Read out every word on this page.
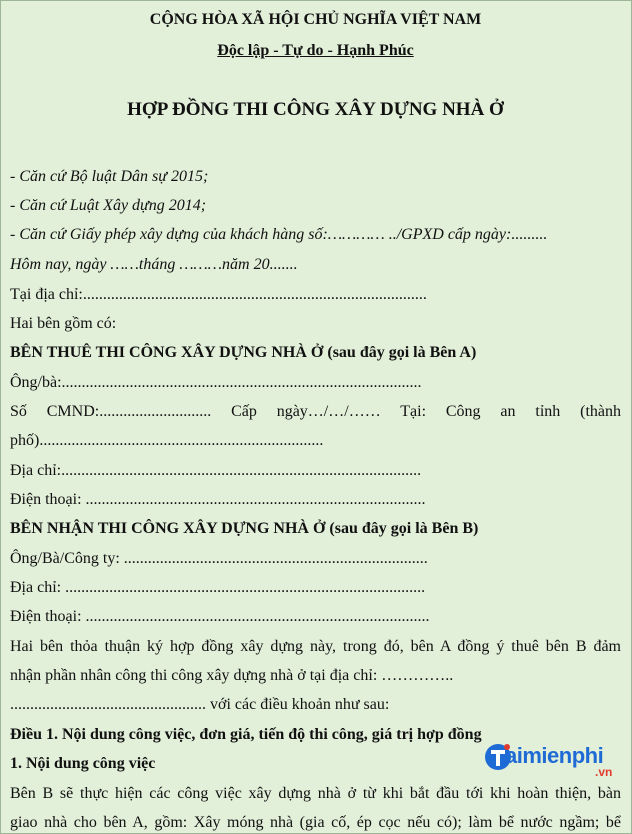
CỘNG HÒA XÃ HỘI CHỦ NGHĨA VIỆT NAM
Độc lập - Tự do - Hạnh Phúc
HỢP ĐỒNG THI CÔNG XÂY DỰNG NHÀ Ở
- Căn cứ Bộ luật Dân sự 2015;
- Căn cứ Luật Xây dựng 2014;
- Căn cứ Giấy phép xây dựng của khách hàng số:………… ../GPXD cấp ngày:.........
Hôm nay, ngày ……tháng ………năm 20.......
Tại địa chỉ:......................................................................................
Hai bên gồm có:
BÊN THUÊ THI CÔNG XÂY DỰNG NHÀ Ở (sau đây gọi là Bên A)
Ông/bà:..........................................................................................
Số CMND:............................ Cấp ngày…/…/…… Tại: Công an tỉnh (thành
phố).......................................................................
Địa chỉ:..........................................................................................
Điện thoại: .....................................................................................
BÊN NHẬN THI CÔNG XÂY DỰNG NHÀ Ở (sau đây gọi là Bên B)
Ông/Bà/Công ty: ............................................................................
Địa chỉ: ..........................................................................................
Điện thoại: ......................................................................................
Hai bên thỏa thuận ký hợp đồng xây dựng này, trong đó, bên A đồng ý thuê bên B đảm
nhận phần nhân công thi công xây dựng nhà ở tại địa chỉ: …………..
................................................. với các điều khoản như sau:
Điều 1. Nội dung công việc, đơn giá, tiến độ thi công, giá trị hợp đồng
1. Nội dung công việc
Bên B sẽ thực hiện các công việc xây dựng nhà ở từ khi bắt đầu tới khi hoàn thiện, bàn
giao nhà cho bên A, gồm: Xây móng nhà (gia cố, ép cọc nếu có); làm bể nước ngầm; bể
aimienphi
.vn
